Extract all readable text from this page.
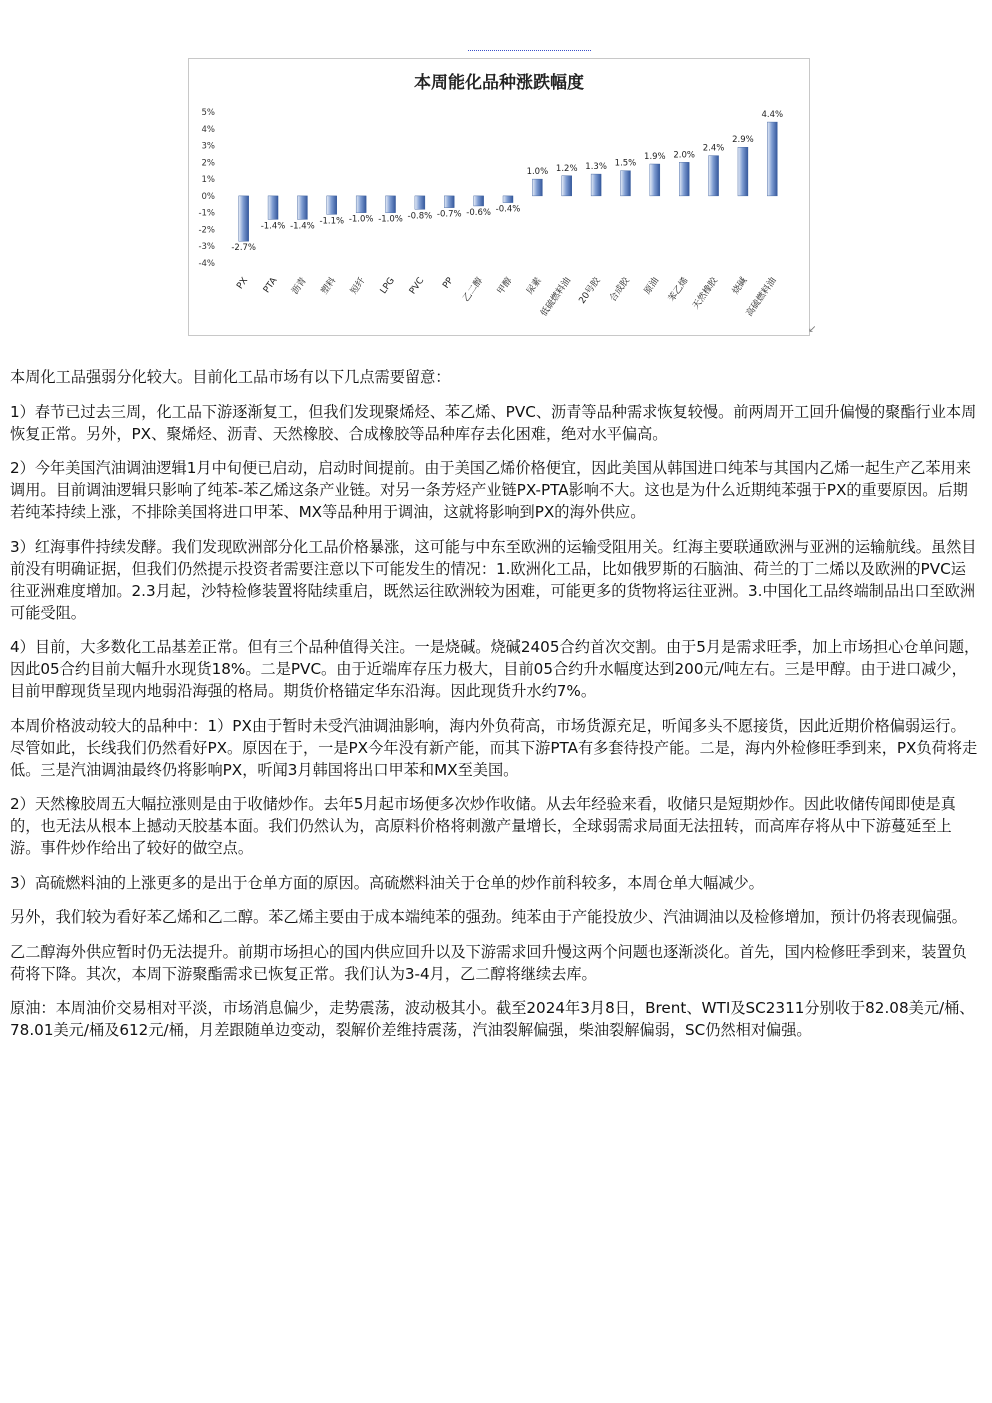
本周能化品种涨跌幅度
5%
4%
3%
2%
1%
0%
-1%
-2%
-3%
-4%
-2.7%
-1.4% -1.4%
-1.1% -1.0% -1.0% -0.8% -0.7% -0.6% -0.4%
1.0% 1.2% 1.3% 1.5%
1.9% 2.0%
2.4%
2.9%
4.4%
PX PTA 沥青 塑料 短纤 LPG PVC PP 乙二醇 甲醇 尿素
低硫燃料油 20号胶 合成胶 原油 苯乙烯 天然橡胶 烧碱
高硫燃料油
↙

本周化工品强弱分化较大。目前化工品市场有以下几点需要留意：

1）春节已过去三周，化工品下游逐渐复工，但我们发现聚烯烃、苯乙烯、PVC、沥青等品种需求恢复较慢。前两周开工回升偏慢的聚酯行业本周恢复正常。另外，PX、聚烯烃、沥青、天然橡胶、合成橡胶等品种库存去化困难，绝对水平偏高。

2）今年美国汽油调油逻辑1月中旬便已启动，启动时间提前。由于美国乙烯价格便宜，因此美国从韩国进口纯苯与其国内乙烯一起生产乙苯用来调用。目前调油逻辑只影响了纯苯-苯乙烯这条产业链。对另一条芳烃产业链PX-PTA影响不大。这也是为什么近期纯苯强于PX的重要原因。后期若纯苯持续上涨，不排除美国将进口甲苯、MX等品种用于调油，这就将影响到PX的海外供应。

3）红海事件持续发酵。我们发现欧洲部分化工品价格暴涨，这可能与中东至欧洲的运输受阻用关。红海主要联通欧洲与亚洲的运输航线。虽然目前没有明确证据，但我们仍然提示投资者需要注意以下可能发生的情况：1.欧洲化工品，比如俄罗斯的石脑油、荷兰的丁二烯以及欧洲的PVC运往亚洲难度增加。2.3月起，沙特检修装置将陆续重启，既然运往欧洲较为困难，可能更多的货物将运往亚洲。3.中国化工品终端制品出口至欧洲可能受阻。

4）目前，大多数化工品基差正常。但有三个品种值得关注。一是烧碱。烧碱2405合约首次交割。由于5月是需求旺季，加上市场担心仓单问题，因此05合约目前大幅升水现货18%。二是PVC。由于近端库存压力极大，目前05合约升水幅度达到200元/吨左右。三是甲醇。由于进口减少，目前甲醇现货呈现内地弱沿海强的格局。期货价格锚定华东沿海。因此现货升水约7%。

本周价格波动较大的品种中：1）PX由于暂时未受汽油调油影响，海内外负荷高，市场货源充足，听闻多头不愿接货，因此近期价格偏弱运行。尽管如此，长线我们仍然看好PX。原因在于，一是PX今年没有新产能，而其下游PTA有多套待投产能。二是，海内外检修旺季到来，PX负荷将走低。三是汽油调油最终仍将影响PX，听闻3月韩国将出口甲苯和MX至美国。

2）天然橡胶周五大幅拉涨则是由于收储炒作。去年5月起市场便多次炒作收储。从去年经验来看，收储只是短期炒作。因此收储传闻即使是真的，也无法从根本上撼动天胶基本面。我们仍然认为，高原料价格将刺激产量增长，全球弱需求局面无法扭转，而高库存将从中下游蔓延至上游。事件炒作给出了较好的做空点。

3）高硫燃料油的上涨更多的是出于仓单方面的原因。高硫燃料油关于仓单的炒作前科较多，本周仓单大幅减少。

另外，我们较为看好苯乙烯和乙二醇。苯乙烯主要由于成本端纯苯的强劲。纯苯由于产能投放少、汽油调油以及检修增加，预计仍将表现偏强。

乙二醇海外供应暂时仍无法提升。前期市场担心的国内供应回升以及下游需求回升慢这两个问题也逐渐淡化。首先，国内检修旺季到来，装置负荷将下降。其次，本周下游聚酯需求已恢复正常。我们认为3-4月，乙二醇将继续去库。

原油：本周油价交易相对平淡，市场消息偏少，走势震荡，波动极其小。截至2024年3月8日，Brent、WTI及SC2311分别收于82.08美元/桶、78.01美元/桶及612元/桶，月差跟随单边变动，裂解价差维持震荡，汽油裂解偏强，柴油裂解偏弱，SC仍然相对偏强。
